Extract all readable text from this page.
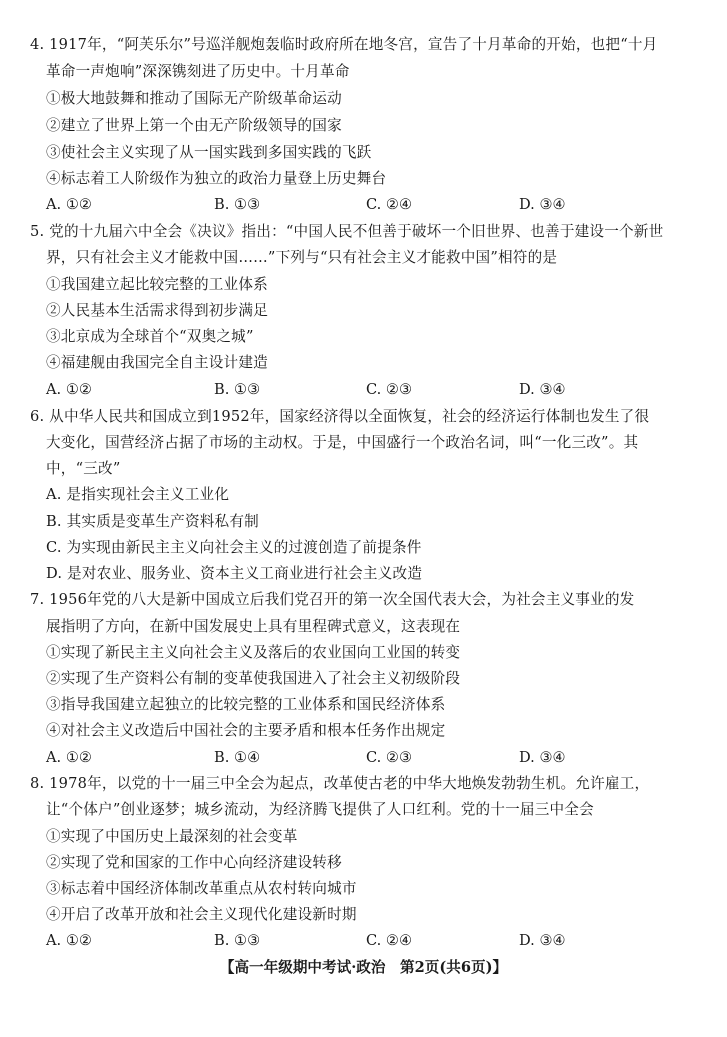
4. 1917年，“阿芙乐尔”号巡洋舰炮轰临时政府所在地冬宫，宣告了十月革命的开始，也把“十月
革命一声炮响”深深镌刻进了历史中。十月革命
①极大地鼓舞和推动了国际无产阶级革命运动
②建立了世界上第一个由无产阶级领导的国家
③使社会主义实现了从一国实践到多国实践的飞跃
④标志着工人阶级作为独立的政治力量登上历史舞台
A. ①②	B. ①③	C. ②④	D. ③④
5. 党的十九届六中全会《决议》指出：“中国人民不但善于破坏一个旧世界、也善于建设一个新世
界，只有社会主义才能救中国……”下列与“只有社会主义才能救中国”相符的是
①我国建立起比较完整的工业体系
②人民基本生活需求得到初步满足
③北京成为全球首个“双奥之城”
④福建舰由我国完全自主设计建造
A. ①②	B. ①③	C. ②③	D. ③④
6. 从中华人民共和国成立到1952年，国家经济得以全面恢复，社会的经济运行体制也发生了很
大变化，国营经济占据了市场的主动权。于是，中国盛行一个政治名词，叫“一化三改”。其
中，“三改”
A. 是指实现社会主义工业化
B. 其实质是变革生产资料私有制
C. 为实现由新民主主义向社会主义的过渡创造了前提条件
D. 是对农业、服务业、资本主义工商业进行社会主义改造
7. 1956年党的八大是新中国成立后我们党召开的第一次全国代表大会，为社会主义事业的发
展指明了方向，在新中国发展史上具有里程碑式意义，这表现在
①实现了新民主主义向社会主义及落后的农业国向工业国的转变
②实现了生产资料公有制的变革使我国进入了社会主义初级阶段
③指导我国建立起独立的比较完整的工业体系和国民经济体系
④对社会主义改造后中国社会的主要矛盾和根本任务作出规定
A. ①②	B. ①④	C. ②③	D. ③④
8. 1978年，以党的十一届三中全会为起点，改革使古老的中华大地焕发勃勃生机。允许雇工，
让“个体户”创业逐梦；城乡流动，为经济腾飞提供了人口红利。党的十一届三中全会
①实现了中国历史上最深刻的社会变革
②实现了党和国家的工作中心向经济建设转移
③标志着中国经济体制改革重点从农村转向城市
④开启了改革开放和社会主义现代化建设新时期
A. ①②	B. ①③	C. ②④	D. ③④
【高一年级期中考试·政治　第2页(共6页)】
